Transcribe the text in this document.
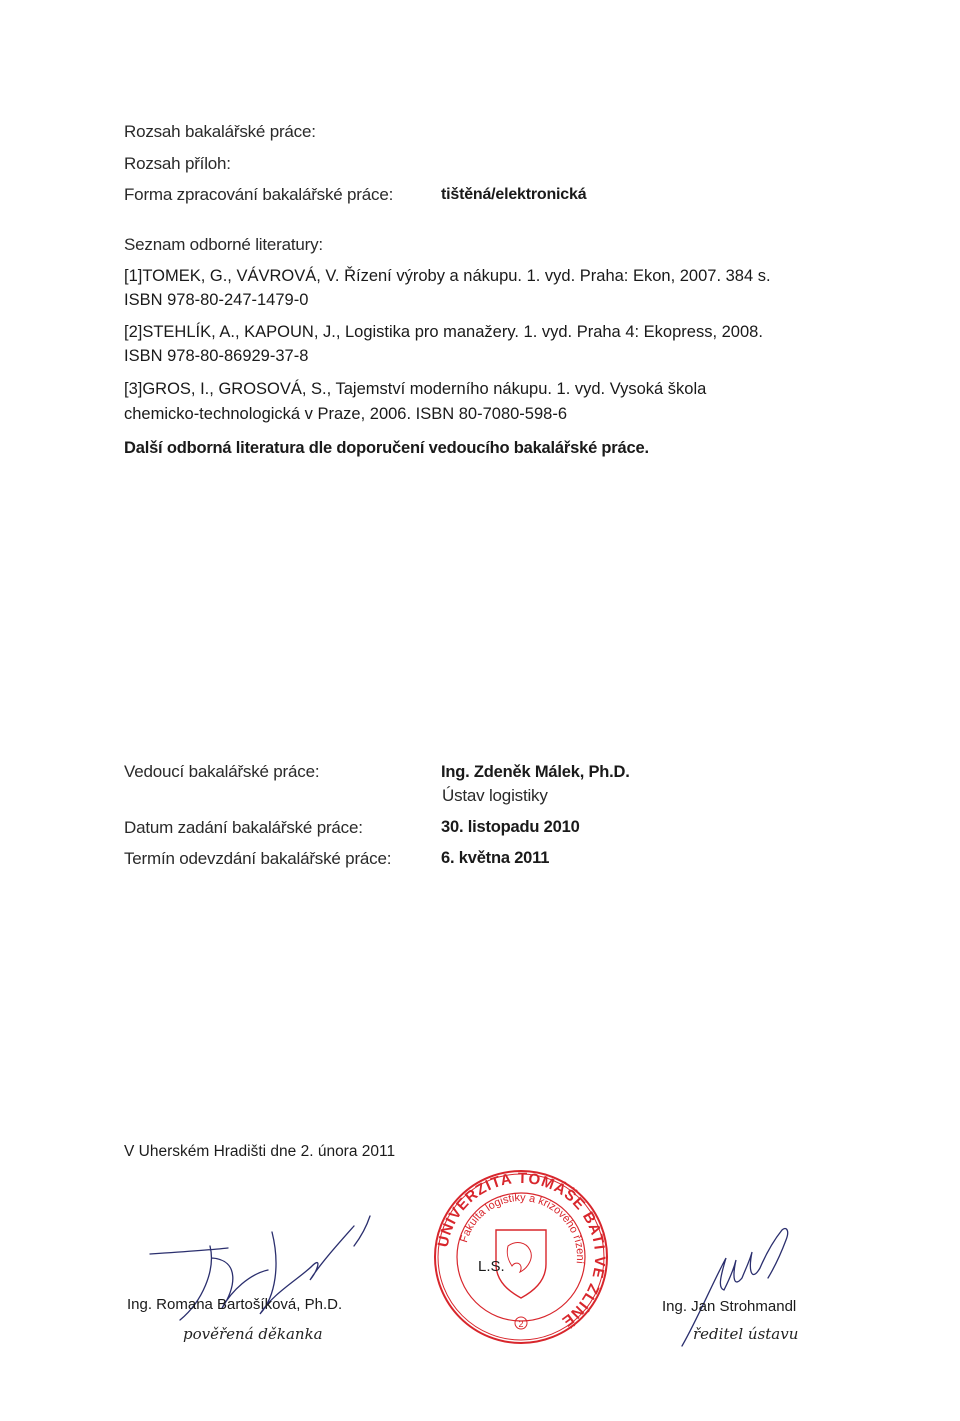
Rozsah bakalářské práce:
Rozsah příloh:
Forma zpracování bakalářské práce:	tištěná/elektronická
Seznam odborné literatury:
[1]TOMEK, G., VÁVROVÁ, V. Řízení výroby a nákupu. 1. vyd. Praha: Ekon, 2007. 384 s.
ISBN 978-80-247-1479-0
[2]STEHLÍK, A., KAPOUN, J., Logistika pro manažery. 1. vyd. Praha 4: Ekopress, 2008.
ISBN 978-80-86929-37-8
[3]GROS, I., GROSOVÁ, S., Tajemství moderního nákupu. 1. vyd. Vysoká škola
chemicko-technologická v Praze, 2006. ISBN 80-7080-598-6
Další odborná literatura dle doporučení vedoucího bakalářské práce.
Vedoucí bakalářské práce:	Ing. Zdeněk Málek, Ph.D.
Ústav logistiky
Datum zadání bakalářské práce:	30. listopadu 2010
Termín odevzdání bakalářské práce:	6. května 2011
V Uherském Hradišti dne 2. února 2011
Ing. Romana Bartošíková, Ph.D.
pověřená děkanka
UNIVERZITA TOMÁŠE BATI VE ZLÍNĚ
Fakulta logistiky a krizového řízení
2
L.S.
Ing. Jan Strohmandl
ředitel ústavu
